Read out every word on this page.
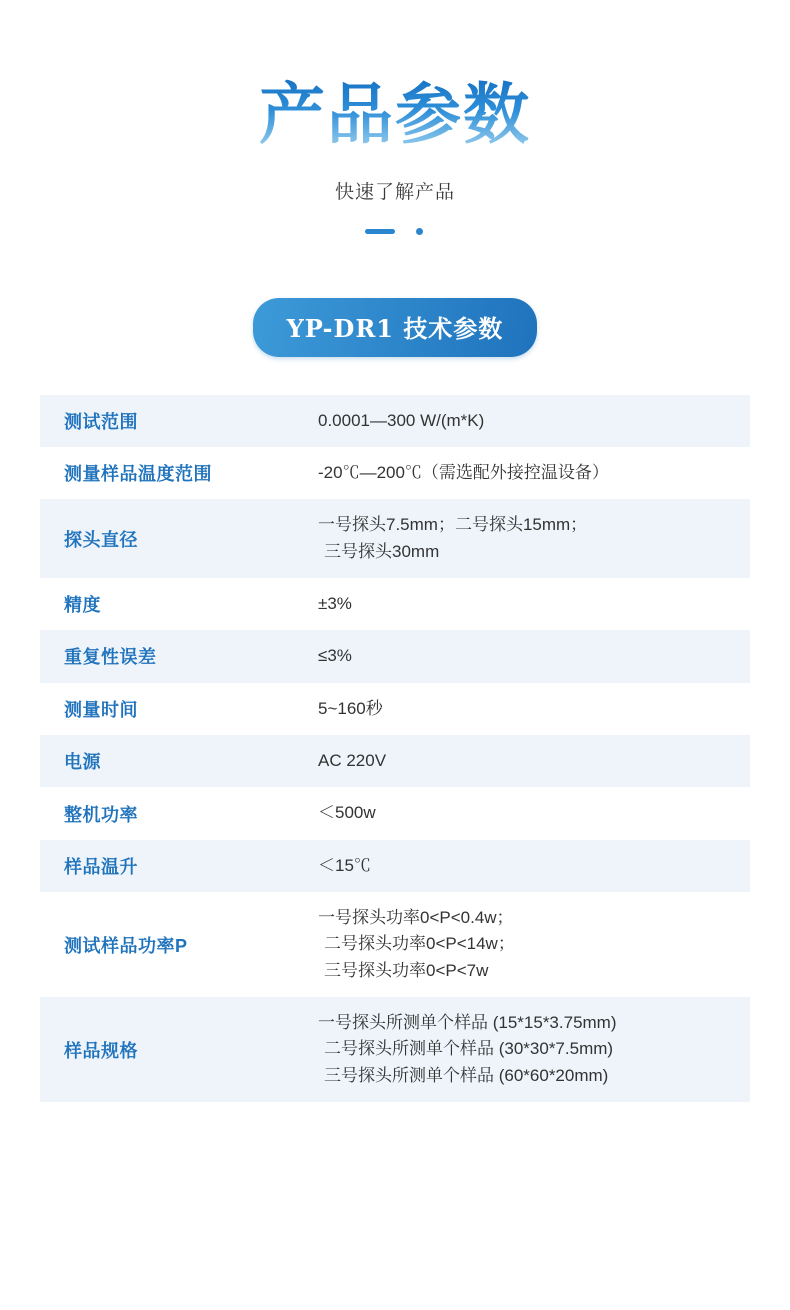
产品参数
快速了解产品
YP-DR1 技术参数
测试范围	0.0001—300 W/(m*K)

测量样品温度范围	-20℃—200℃（需选配外接控温设备）

探头直径	一号探头7.5mm；二号探头15mm；
三号探头30mm

精度	±3%

重复性误差	≤3%

测量时间	5~160秒

电源	AC 220V

整机功率	＜500w

样品温升	＜15℃

测试样品功率P	一号探头功率0<P<0.4w；
二号探头功率0<P<14w；
三号探头功率0<P<7w

样品规格	一号探头所测单个样品 (15*15*3.75mm)
二号探头所测单个样品 (30*30*7.5mm)
三号探头所测单个样品 (60*60*20mm)
